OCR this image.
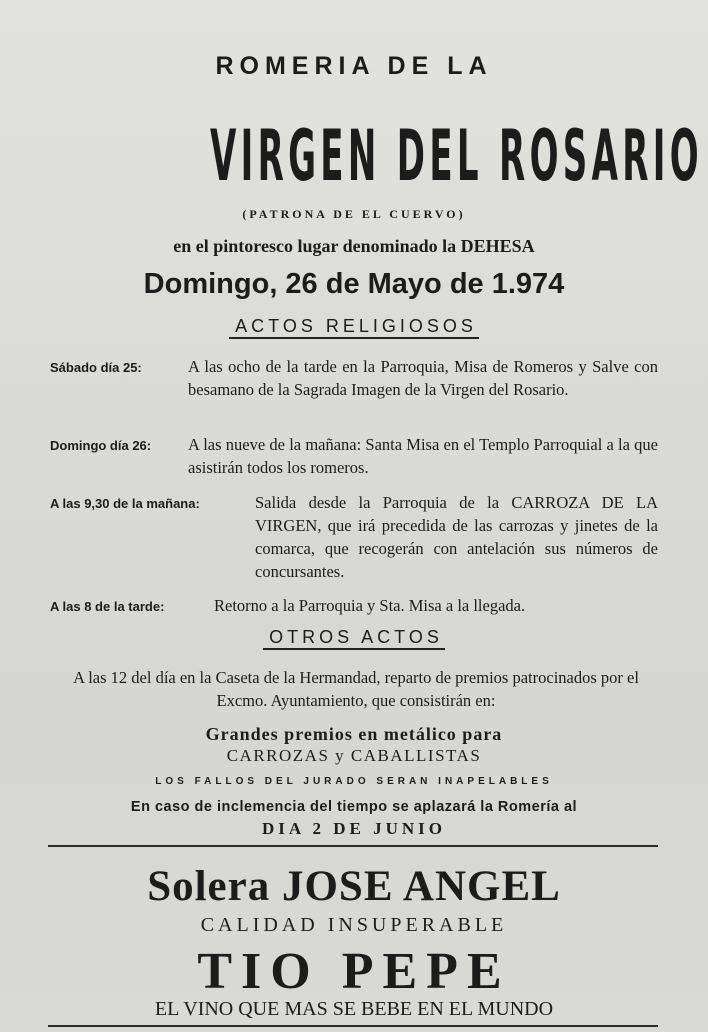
ROMERIA DE LA
VIRGEN DEL ROSARIO
(PATRONA DE EL CUERVO)
en el pintoresco lugar denominado la DEHESA
Domingo, 26 de Mayo de 1.974
ACTOS RELIGIOSOS
Sábado día 25:	A las ocho de la tarde en la Parroquia, Misa de Romeros y Salve con besamano de la Sagrada Imagen de la Virgen del Rosario.
Domingo día 26: A las nueve de la mañana: Santa Misa en el Templo Parroquial a la que asistirán todos los romeros.
A las 9,30 de la mañana:	Salida desde la Parroquia de la CARROZA DE LA VIRGEN, que irá precedida de las carrozas y jinetes de la comarca, que recogerán con antelación sus números de concursantes.
A las 8 de la tarde:	Retorno a la Parroquia y Sta. Misa a la llegada.
OTROS ACTOS
A las 12 del día en la Caseta de la Hermandad, reparto de premios patrocinados por el Excmo. Ayuntamiento, que consistirán en:
Grandes premios en metálico para
CARROZAS y CABALLISTAS
LOS FALLOS DEL JURADO SERAN INAPELABLES
En caso de inclemencia del tiempo se aplazará la Romería al
DIA 2 DE JUNIO
Solera JOSE ANGEL
CALIDAD INSUPERABLE
TIO PEPE
EL VINO QUE MAS SE BEBE EN EL MUNDO
